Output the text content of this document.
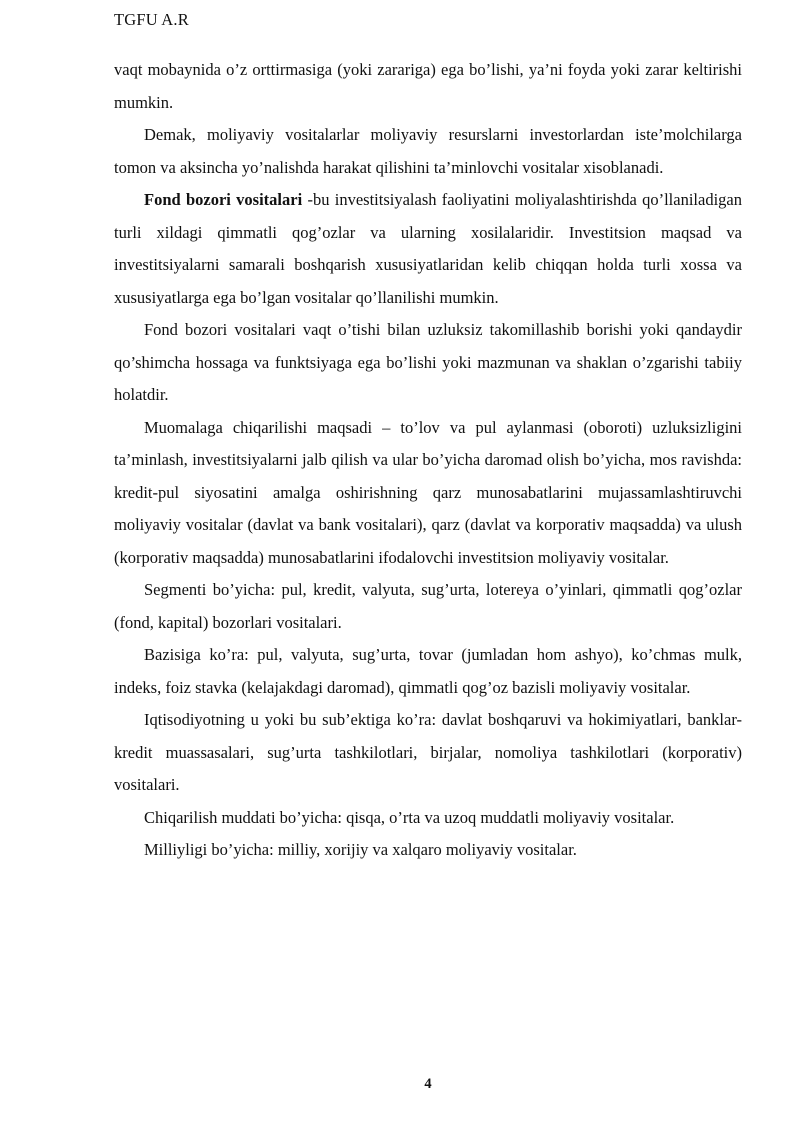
TGFU A.R

vaqt mobaynida o’z orttirmasiga (yoki zarariga) ega bo’lishi, ya’ni foyda yoki zarar keltirishi mumkin.

Demak, moliyaviy vositalarlar moliyaviy resurslarni investorlardan iste’molchilarga tomon va aksincha yo’nalishda harakat qilishini ta’minlovchi vositalar xisoblanadi.

Fond bozori vositalari -bu investitsiyalash faoliyatini moliyalashtirishda qo’llaniladigan turli xildagi qimmatli qog’ozlar va ularning xosilalaridir. Investitsion maqsad va investitsiyalarni samarali boshqarish xususiyatlaridan kelib chiqqan holda turli xossa va xususiyatlarga ega bo’lgan vositalar qo’llanilishi mumkin.

Fond bozori vositalari vaqt o’tishi bilan uzluksiz takomillashib borishi yoki qandaydir qo’shimcha hossaga va funktsiyaga ega bo’lishi yoki mazmunan va shaklan o’zgarishi tabiiy holatdir.

Muomalaga chiqarilishi maqsadi – to’lov va pul aylanmasi (oboroti) uzluksizligini ta’minlash, investitsiyalarni jalb qilish va ular bo’yicha daromad olish bo’yicha, mos ravishda: kredit-pul siyosatini amalga oshirishning qarz munosabatlarini mujassamlashtiruvchi moliyaviy vositalar (davlat va bank vositalari), qarz (davlat va korporativ maqsadda) va ulush (korporativ maqsadda) munosabatlarini ifodalovchi investitsion moliyaviy vositalar.

Segmenti bo’yicha: pul, kredit, valyuta, sug’urta, lotereya o’yinlari, qimmatli qog’ozlar (fond, kapital) bozorlari vositalari.

Bazisiga ko’ra: pul, valyuta, sug’urta, tovar (jumladan hom ashyo), ko’chmas mulk, indeks, foiz stavka (kelajakdagi daromad), qimmatli qog’oz bazisli moliyaviy vositalar.

Iqtisodiyotning u yoki bu sub’ektiga ko’ra: davlat boshqaruvi va hokimiyatlari, banklar-kredit muassasalari, sug’urta tashkilotlari, birjalar, nomoliya tashkilotlari (korporativ) vositalari.

Chiqarilish muddati bo’yicha: qisqa, o’rta va uzoq muddatli moliyaviy vositalar.

Milliyligi bo’yicha: milliy, xorijiy va xalqaro moliyaviy vositalar.

4
